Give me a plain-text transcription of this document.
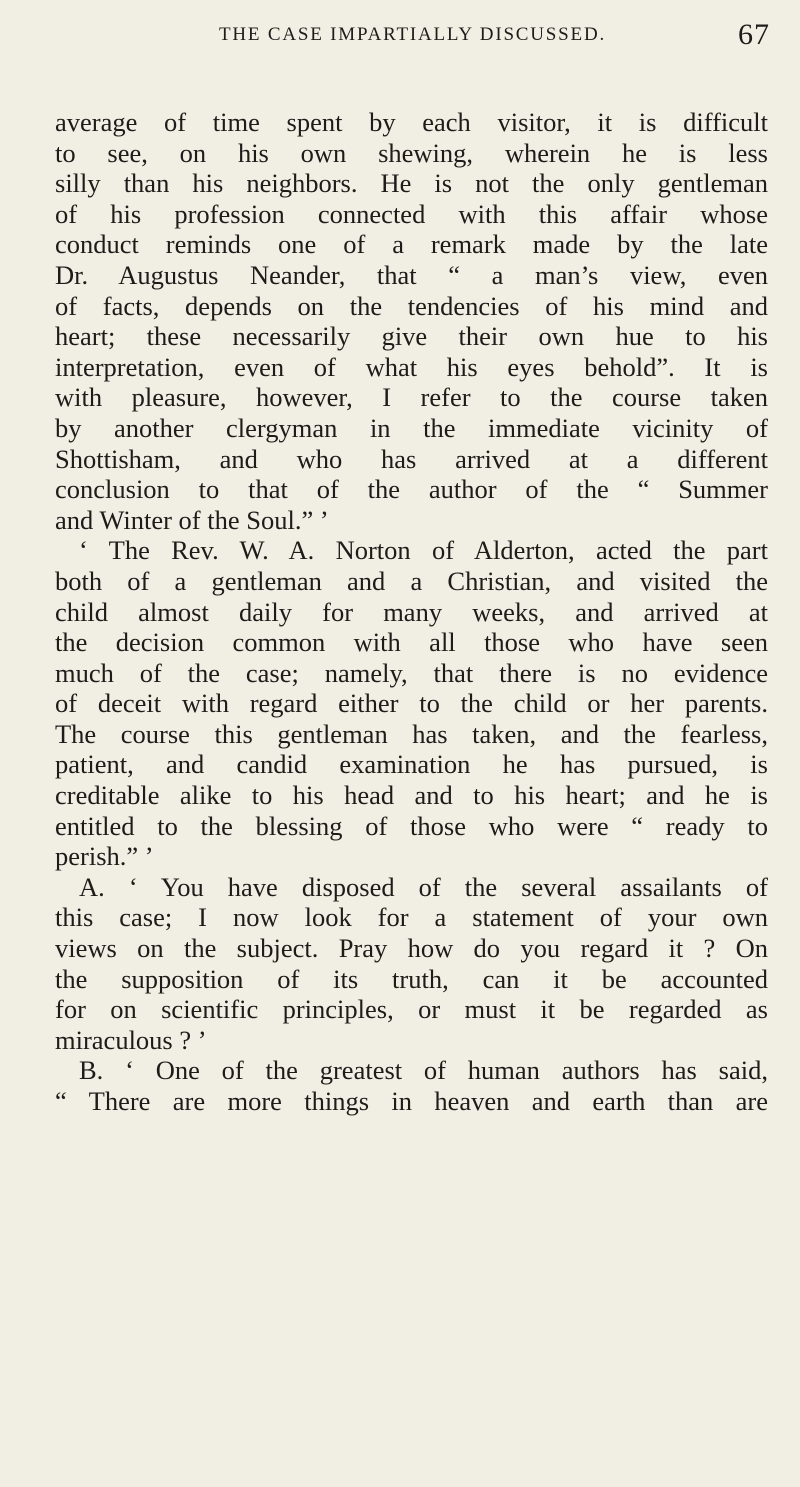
THE CASE IMPARTIALLY DISCUSSED.	67
average of time spent by each visitor, it is difficult
to see, on his own shewing, wherein he is less
silly than his neighbors. He is not the only gentleman
of his profession connected with this affair whose
conduct reminds one of a remark made by the late
Dr. Augustus Neander, that “ a man’s view, even
of facts, depends on the tendencies of his mind and
heart; these necessarily give their own hue to his
interpretation, even of what his eyes behold”. It is
with pleasure, however, I refer to the course taken
by another clergyman in the immediate vicinity of
Shottisham, and who has arrived at a different
conclusion to that of the author of the “ Summer
and Winter of the Soul.” ’
‘ The Rev. W. A. Norton of Alderton, acted the part
both of a gentleman and a Christian, and visited the
child almost daily for many weeks, and arrived at
the decision common with all those who have seen
much of the case; namely, that there is no evidence
of deceit with regard either to the child or her parents.
The course this gentleman has taken, and the fearless,
patient, and candid examination he has pursued, is
creditable alike to his head and to his heart; and he is
entitled to the blessing of those who were “ ready to
perish.” ’
A. ‘ You have disposed of the several assailants of
this case; I now look for a statement of your own
views on the subject. Pray how do you regard it ? On
the supposition of its truth, can it be accounted
for on scientific principles, or must it be regarded as
miraculous ? ’
B. ‘ One of the greatest of human authors has said,
“ There are more things in heaven and earth than are
